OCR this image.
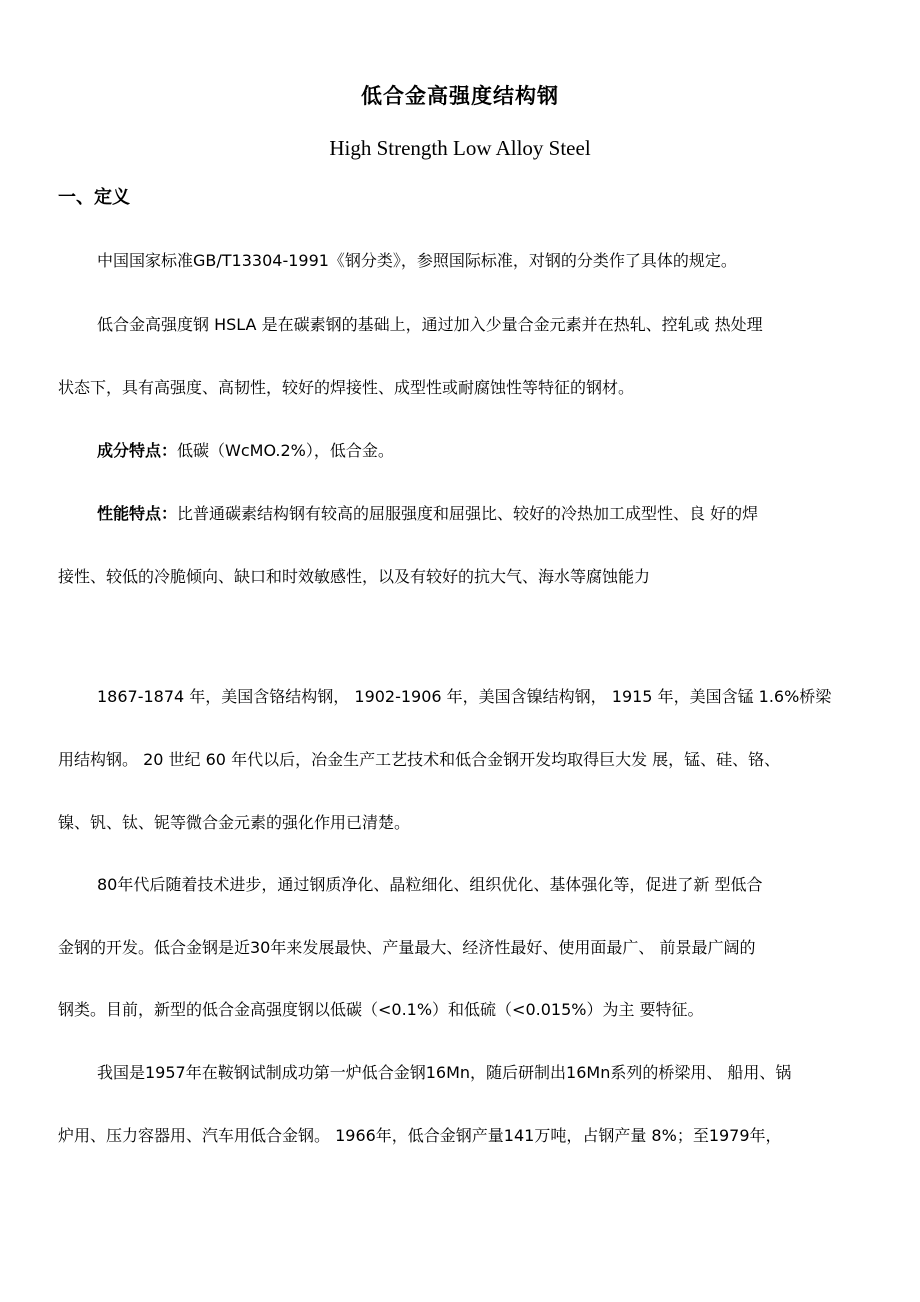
低合金高强度结构钢
High Strength Low Alloy Steel
一、定义
中国国家标准GB/T13304-1991《钢分类》，参照国际标准，对钢的分类作了具体的规定。
低合金高强度钢 HSLA 是在碳素钢的基础上，通过加入少量合金元素并在热轧、控轧或 热处理
状态下，具有高强度、高韧性，较好的焊接性、成型性或耐腐蚀性等特征的钢材。
成分特点：低碳（WcMO.2%），低合金。
性能特点：比普通碳素结构钢有较高的屈服强度和屈强比、较好的冷热加工成型性、良 好的焊
接性、较低的冷脆倾向、缺口和时效敏感性，以及有较好的抗大气、海水等腐蚀能力
1867-1874 年，美国含铬结构钢， 1902-1906 年，美国含镍结构钢， 1915 年，美国含锰 1.6%桥梁
用结构钢。 20 世纪 60 年代以后，冶金生产工艺技术和低合金钢开发均取得巨大发 展，锰、硅、铬、
镍、钒、钛、铌等微合金元素的强化作用已清楚。
80年代后随着技术进步，通过钢质净化、晶粒细化、组织优化、基体强化等，促进了新 型低合
金钢的开发。低合金钢是近30年来发展最快、产量最大、经济性最好、使用面最广、 前景最广阔的
钢类。目前，新型的低合金高强度钢以低碳（<0.1%）和低硫（<0.015%）为主 要特征。
我国是1957年在鞍钢试制成功第一炉低合金钢16Mn，随后研制出16Mn系列的桥梁用、 船用、锅
炉用、压力容器用、汽车用低合金钢。 1966年，低合金钢产量141万吨，占钢产量 8%；至1979年，
